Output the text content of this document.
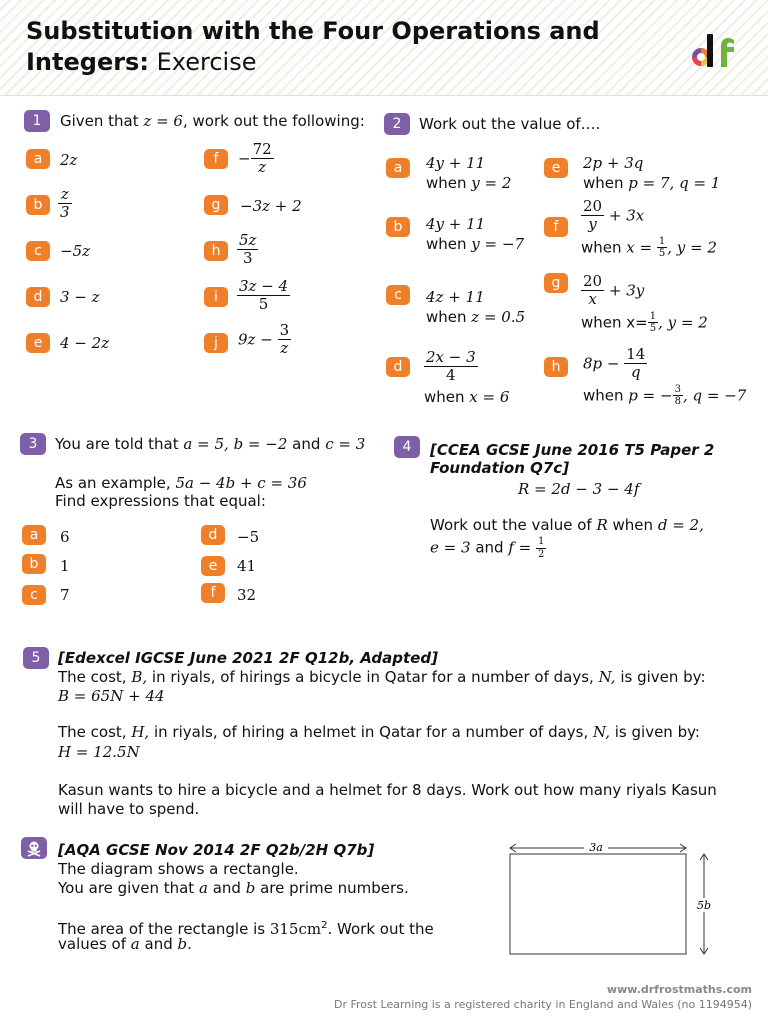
Substitution with the Four Operations and Integers: Exercise
1	Given that z = 6, work out the following:
a	2z
b	$\frac{z}{3}$
c	−5z
d	3 − z
e	4 − 2z
f	− $\frac{72}{z}$
g	−3z + 2
h	$\frac{5z}{3}$
i	$\frac{3z - 4}{5}$
j	$9z - \frac{3}{z}$
2	Work out the value of….
a	4y + 11
when y = 2
b	4y + 11
when y = −7
c	4z + 11
when z = 0.5
d	$\frac{2x - 3}{4}$
when x = 6
e	2p + 3q
when p = 7, q = 1
f	$\frac{20}{y} + 3x$
when $x = \frac{1}{5}$ , y = 2
g	$\frac{20}{x} + 3y$
when $x= \frac{1}{5}$ , y = 2
h	$8p - \frac{14}{q}$
when p = − $\frac{3}{8}$ , q = −7
3	You are told that a = 5, b = −2 and c = 3
As an example, 5a − 4b + c = 36
Find expressions that equal:
a	6
b	1
c	7
d	−5
e	41
f	32
4	[CCEA GCSE June 2016 T5 Paper 2
Foundation Q7c]
R = 2d − 3 − 4f
Work out the value of R when d = 2,
e = 3 and $f = \frac{1}{2}$
5	[Edexcel IGCSE June 2021 2F Q12b, Adapted]
The cost, B, in riyals, of hirings a bicycle in Qatar for a number of days, N, is given by:
B = 65N + 44
The cost, H, in riyals, of hiring a helmet in Qatar for a number of days, N, is given by:
H = 12.5N
Kasun wants to hire a bicycle and a helmet for 8 days. Work out how many riyals Kasun
will have to spend.
[AQA GCSE Nov 2014 2F Q2b/2H Q7b]
The diagram shows a rectangle.
You are given that a and b are prime numbers.
The area of the rectangle is $315cm^2$. Work out the
values of a and b.
3a
5b
www.drfrostmaths.com
Dr Frost Learning is a registered charity in England and Wales (no 1194954)
